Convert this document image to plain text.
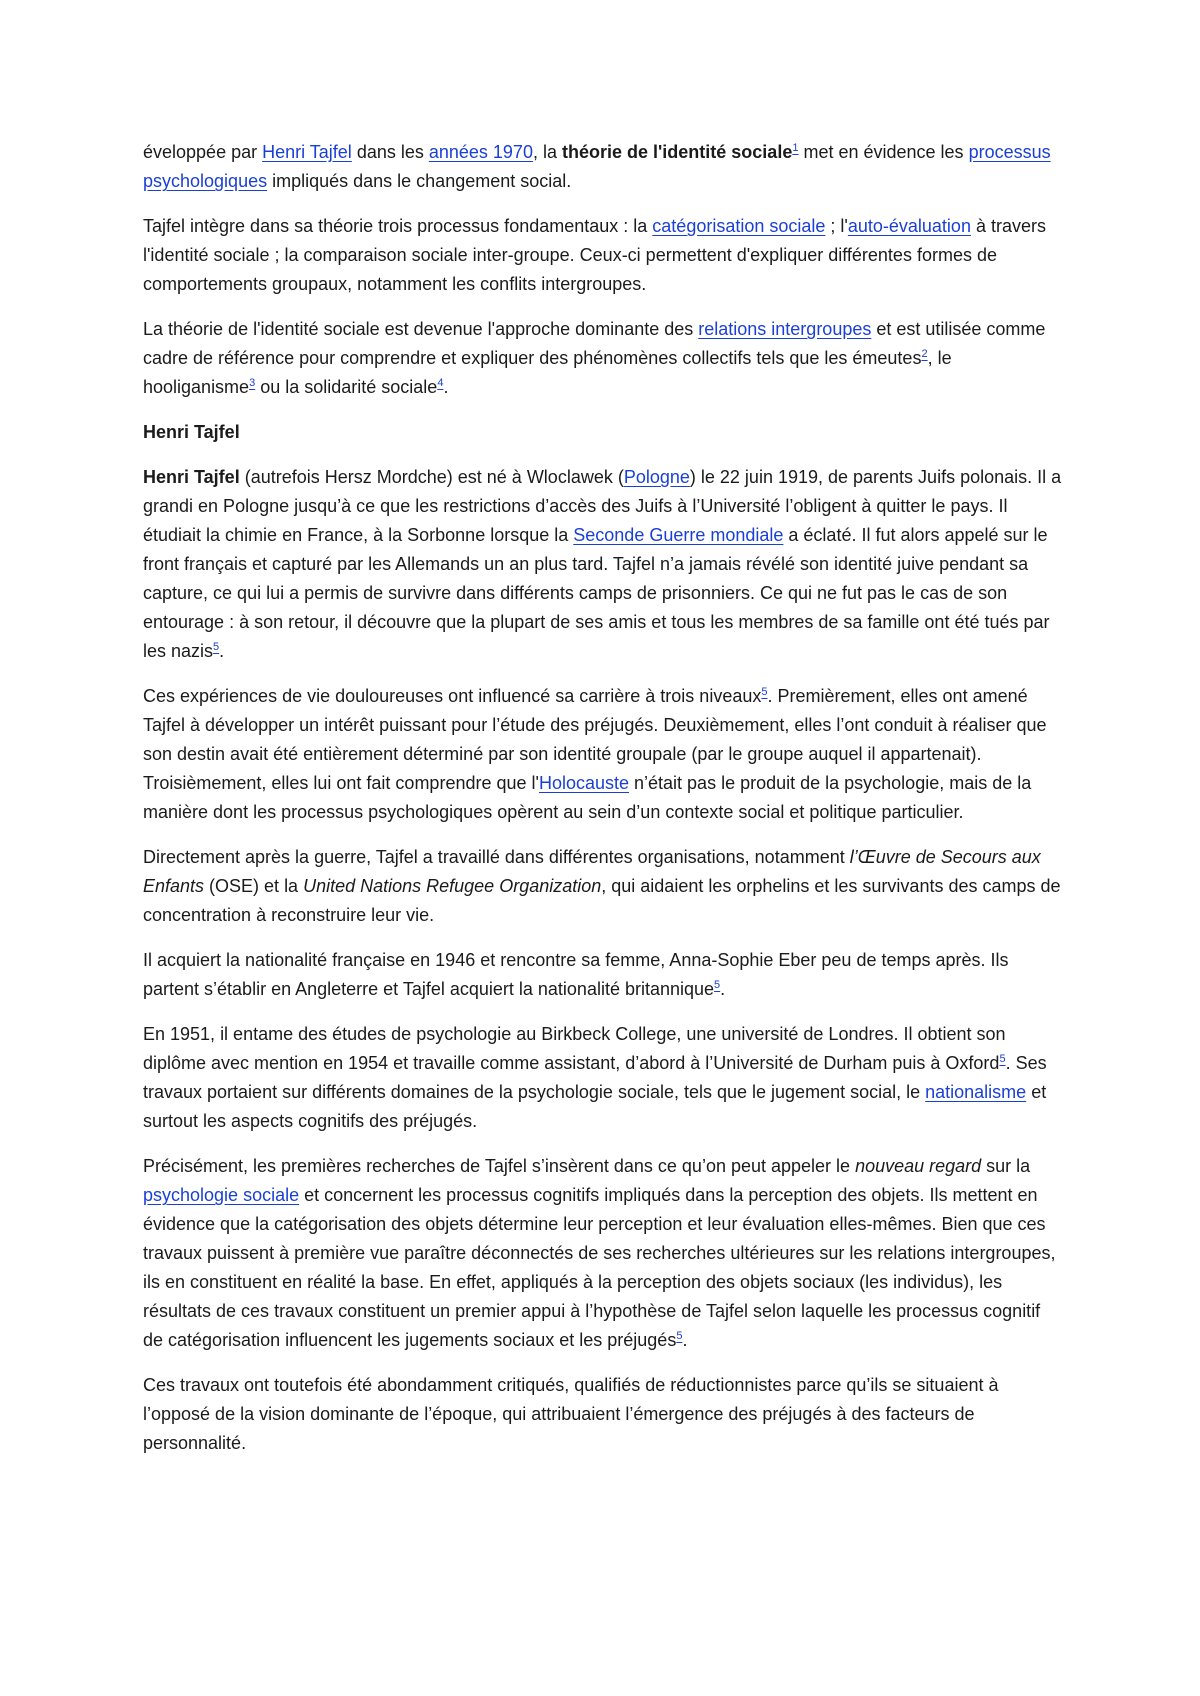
éveloppée par Henri Tajfel dans les années 1970, la théorie de l'identité sociale$^1$ met en évidence les processus psychologiques impliqués dans le changement social.

Tajfel intègre dans sa théorie trois processus fondamentaux : la catégorisation sociale ; l'auto-évaluation à travers l'identité sociale ; la comparaison sociale inter-groupe. Ceux-ci permettent d'expliquer différentes formes de comportements groupaux, notamment les conflits intergroupes.

La théorie de l'identité sociale est devenue l'approche dominante des relations intergroupes et est utilisée comme cadre de référence pour comprendre et expliquer des phénomènes collectifs tels que les émeutes$^2$, le hooliganisme$^3$ ou la solidarité sociale$^4$.

Henri Tajfel

Henri Tajfel (autrefois Hersz Mordche) est né à Wloclawek (Pologne) le 22 juin 1919, de parents Juifs polonais. Il a grandi en Pologne jusqu’à ce que les restrictions d’accès des Juifs à l’Université l’obligent à quitter le pays. Il étudiait la chimie en France, à la Sorbonne lorsque la Seconde Guerre mondiale a éclaté. Il fut alors appelé sur le front français et capturé par les Allemands un an plus tard. Tajfel n’a jamais révélé son identité juive pendant sa capture, ce qui lui a permis de survivre dans différents camps de prisonniers. Ce qui ne fut pas le cas de son entourage : à son retour, il découvre que la plupart de ses amis et tous les membres de sa famille ont été tués par les nazis$^5$.

Ces expériences de vie douloureuses ont influencé sa carrière à trois niveaux$^5$. Premièrement, elles ont amené Tajfel à développer un intérêt puissant pour l’étude des préjugés. Deuxièmement, elles l’ont conduit à réaliser que son destin avait été entièrement déterminé par son identité groupale (par le groupe auquel il appartenait). Troisièmement, elles lui ont fait comprendre que l'Holocauste n’était pas le produit de la psychologie, mais de la manière dont les processus psychologiques opèrent au sein d’un contexte social et politique particulier.

Directement après la guerre, Tajfel a travaillé dans différentes organisations, notamment l’Œuvre de Secours aux Enfants (OSE) et la United Nations Refugee Organization, qui aidaient les orphelins et les survivants des camps de concentration à reconstruire leur vie.

Il acquiert la nationalité française en 1946 et rencontre sa femme, Anna-Sophie Eber peu de temps après. Ils partent s’établir en Angleterre et Tajfel acquiert la nationalité britannique$^5$.

En 1951, il entame des études de psychologie au Birkbeck College, une université de Londres. Il obtient son diplôme avec mention en 1954 et travaille comme assistant, d’abord à l’Université de Durham puis à Oxford$^5$. Ses travaux portaient sur différents domaines de la psychologie sociale, tels que le jugement social, le nationalisme et surtout les aspects cognitifs des préjugés.

Précisément, les premières recherches de Tajfel s’insèrent dans ce qu’on peut appeler le nouveau regard sur la psychologie sociale et concernent les processus cognitifs impliqués dans la perception des objets. Ils mettent en évidence que la catégorisation des objets détermine leur perception et leur évaluation elles-mêmes. Bien que ces travaux puissent à première vue paraître déconnectés de ses recherches ultérieures sur les relations intergroupes, ils en constituent en réalité la base. En effet, appliqués à la perception des objets sociaux (les individus), les résultats de ces travaux constituent un premier appui à l’hypothèse de Tajfel selon laquelle les processus cognitif de catégorisation influencent les jugements sociaux et les préjugés$^5$.

Ces travaux ont toutefois été abondamment critiqués, qualifiés de réductionnistes parce qu’ils se situaient à l’opposé de la vision dominante de l’époque, qui attribuaient l’émergence des préjugés à des facteurs de personnalité.
